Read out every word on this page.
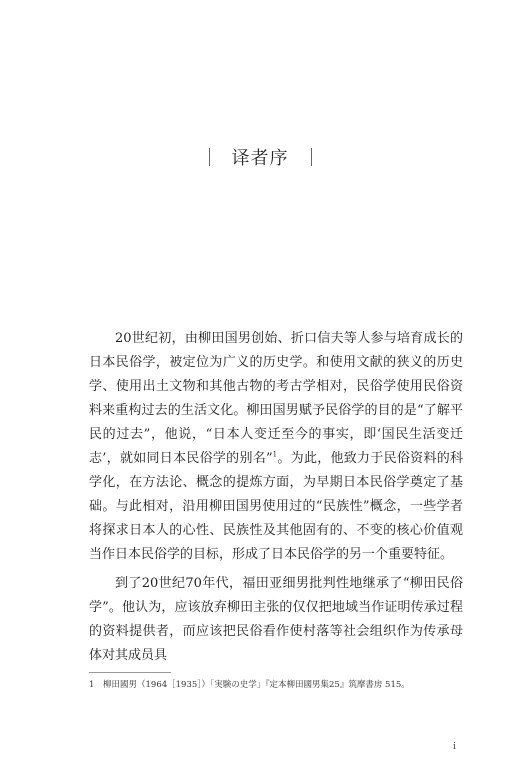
译者序

20世纪初，由柳田国男创始、折口信夫等人参与培育成长的日本民俗学，被定位为广义的历史学。和使用文献的狭义的历史学、使用出土文物和其他古物的考古学相对，民俗学使用民俗资料来重构过去的生活文化。柳田国男赋予民俗学的目的是“了解平民的过去”，他说，“日本人变迁至今的事实，即‘国民生活变迁志’，就如同日本民俗学的别名”$^1$。为此，他致力于民俗资料的科学化，在方法论、概念的提炼方面，为早期日本民俗学奠定了基础。与此相对，沿用柳田国男使用过的“民族性”概念，一些学者将探求日本人的心性、民族性及其他固有的、不变的核心价值观当作日本民俗学的目标，形成了日本民俗学的另一个重要特征。

到了20世纪70年代，福田亚细男批判性地继承了“柳田民俗学”。他认为，应该放弃柳田主张的仅仅把地域当作证明传承过程的资料提供者，而应该把民俗看作使村落等社会组织作为传承母体对其成员具

1 柳田國男（1964［1935］）「実験の史学」『定本柳田國男集25』筑摩書房 515。
i
